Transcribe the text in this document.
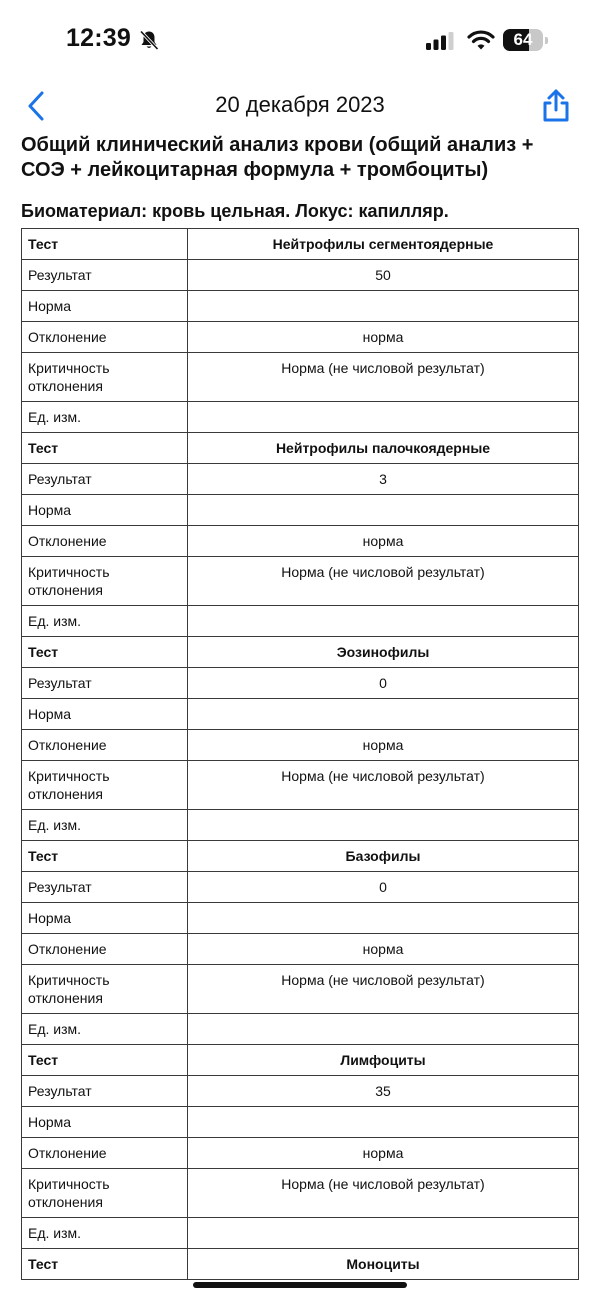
12:39	64
20 декабря 2023
Общий клинический анализ крови (общий анализ + СОЭ + лейкоцитарная формула + тромбоциты)
Биоматериал: кровь цельная. Локус: капилляр.
Тест	Нейтрофилы сегментоядерные
Результат	50
Норма	
Отклонение	норма
Критичность отклонения	Норма (не числовой результат)
Ед. изм.	
Тест	Нейтрофилы палочкоядерные
Результат	3
Норма	
Отклонение	норма
Критичность отклонения	Норма (не числовой результат)
Ед. изм.	
Тест	Эозинофилы
Результат	0
Норма	
Отклонение	норма
Критичность отклонения	Норма (не числовой результат)
Ед. изм.	
Тест	Базофилы
Результат	0
Норма	
Отклонение	норма
Критичность отклонения	Норма (не числовой результат)
Ед. изм.	
Тест	Лимфоциты
Результат	35
Норма	
Отклонение	норма
Критичность отклонения	Норма (не числовой результат)
Ед. изм.	
Тест	Моноциты
